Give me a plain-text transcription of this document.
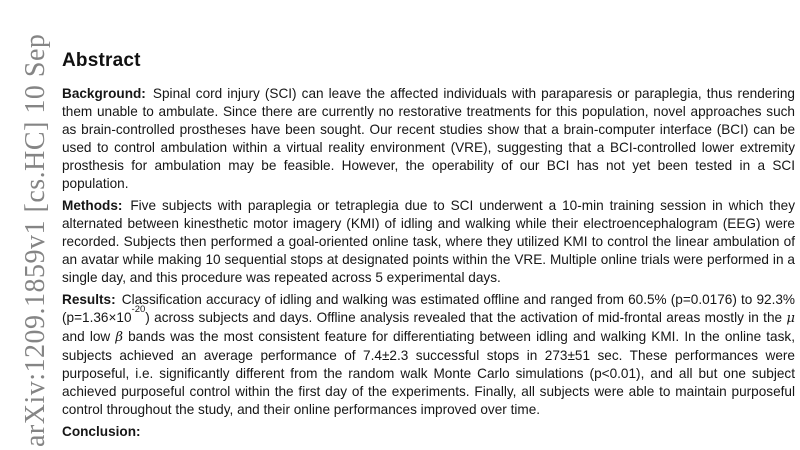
arXiv:1209.1859v1 [cs.HC] 10 Sep Abstract

Background: Spinal cord injury (SCI) can leave the affected individuals with paraparesis or paraplegia, thus rendering them unable to ambulate. Since there are currently no restorative treatments for this population, novel approaches such as brain-controlled prostheses have been sought. Our recent studies show that a brain-computer interface (BCI) can be used to control ambulation within a virtual reality environment (VRE), suggesting that a BCI-controlled lower extremity prosthesis for ambulation may be feasible. However, the operability of our BCI has not yet been tested in a SCI population.

Methods: Five subjects with paraplegia or tetraplegia due to SCI underwent a 10-min training session in which they alternated between kinesthetic motor imagery (KMI) of idling and walking while their electroencephalogram (EEG) were recorded. Subjects then performed a goal-oriented online task, where they utilized KMI to control the linear ambulation of an avatar while making 10 sequential stops at designated points within the VRE. Multiple online trials were performed in a single day, and this procedure was repeated across 5 experimental days.

Results: Classification accuracy of idling and walking was estimated offline and ranged from 60.5% (p=0.0176) to 92.3% $(p=1.36\times 10^{-20})$ across subjects and days. Offline analysis revealed that the activation of mid-frontal areas mostly in the μ and low β bands was the most consistent feature for differentiating between idling and walking KMI. In the online task, subjects achieved an average performance of 7.4±2.3 successful stops in 273±51 sec. These performances were purposeful, i.e. significantly different from the random walk Monte Carlo simulations (p<0.01), and all but one subject achieved purposeful control within the first day of the experiments. Finally, all subjects were able to maintain purposeful control throughout the study, and their online performances improved over time.

Conclusion:
